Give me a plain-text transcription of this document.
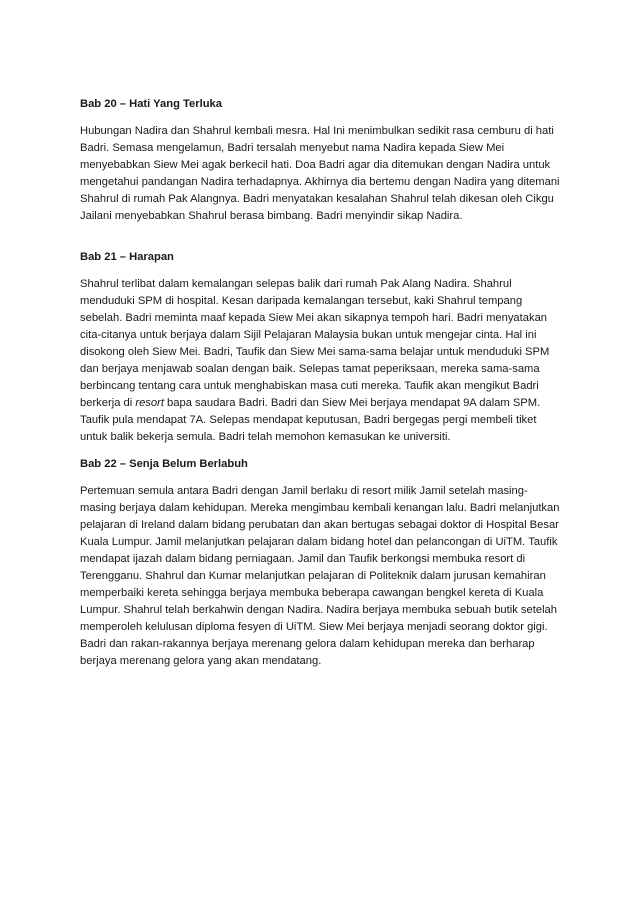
Bab 20 – Hati Yang Terluka
Hubungan Nadira dan Shahrul kembali mesra. Hal Ini menimbulkan sedikit rasa cemburu di hati
Badri. Semasa mengelamun, Badri tersalah menyebut nama Nadira kepada Siew Mei
menyebabkan Siew Mei agak berkecil hati. Doa Badri agar dia ditemukan dengan Nadira untuk
mengetahui pandangan Nadira terhadapnya. Akhirnya dia bertemu dengan Nadira yang ditemani
Shahrul di rumah Pak Alangnya. Badri menyatakan kesalahan Shahrul telah dikesan oleh Cikgu
Jailani menyebabkan Shahrul berasa bimbang. Badri menyindir sikap Nadira.
Bab 21 – Harapan
Shahrul terlibat dalam kemalangan selepas balik dari rumah Pak Alang Nadira. Shahrul
menduduki SPM di hospital. Kesan daripada kemalangan tersebut, kaki Shahrul tempang
sebelah. Badri meminta maaf kepada Siew Mei akan sikapnya tempoh hari. Badri menyatakan
cita-citanya untuk berjaya dalam Sijil Pelajaran Malaysia bukan untuk mengejar cinta. Hal ini
disokong oleh Siew Mei. Badri, Taufik dan Siew Mei sama-sama belajar untuk menduduki SPM
dan berjaya menjawab soalan dengan baik. Selepas tamat peperiksaan, mereka sama-sama
berbincang tentang cara untuk menghabiskan masa cuti mereka. Taufik akan mengikut Badri
berkerja di resort bapa saudara Badri. Badri dan Siew Mei berjaya mendapat 9A dalam SPM.
Taufik pula mendapat 7A. Selepas mendapat keputusan, Badri bergegas pergi membeli tiket
untuk balik bekerja semula. Badri telah memohon kemasukan ke universiti.
Bab 22 – Senja Belum Berlabuh
Pertemuan semula antara Badri dengan Jamil berlaku di resort milik Jamil setelah masing-
masing berjaya dalam kehidupan. Mereka mengimbau kembali kenangan lalu. Badri melanjutkan
pelajaran di Ireland dalam bidang perubatan dan akan bertugas sebagai doktor di Hospital Besar
Kuala Lumpur. Jamil melanjutkan pelajaran dalam bidang hotel dan pelancongan di UiTM. Taufik
mendapat ijazah dalam bidang perniagaan. Jamil dan Taufik berkongsi membuka resort di
Terengganu. Shahrul dan Kumar melanjutkan pelajaran di Politeknik dalam jurusan kemahiran
memperbaiki kereta sehingga berjaya membuka beberapa cawangan bengkel kereta di Kuala
Lumpur. Shahrul telah berkahwin dengan Nadira. Nadira berjaya membuka sebuah butik setelah
memperoleh kelulusan diploma fesyen di UiTM. Siew Mei berjaya menjadi seorang doktor gigi.
Badri dan rakan-rakannya berjaya merenang gelora dalam kehidupan mereka dan berharap
berjaya merenang gelora yang akan mendatang.
